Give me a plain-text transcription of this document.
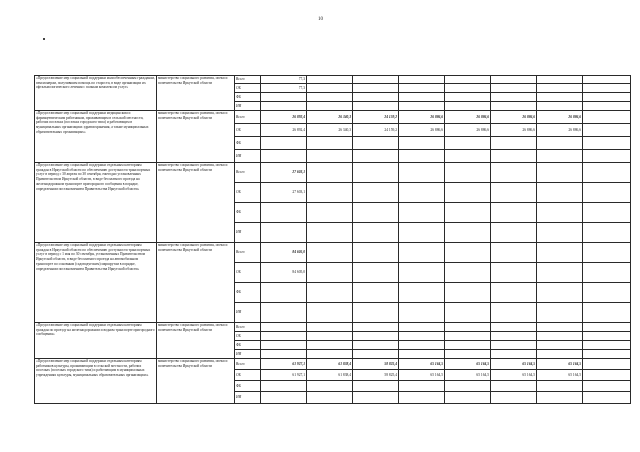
10
«Предоставление мер социальной поддержки малообеспеченным гражданам, пенсионерам, получившим помощь по старости, в виде организации их офтальмологического лечения с полным комплексом услуг»	министерство социального развития, опеки и попечительства Иркутской области	Всего	77,3							
		ОБ	77,3							
		ФБ								
		ИИ								
«Предоставление мер социальной поддержки медицинским и фармацевтическим работникам, проживающим в сельской местности, рабочих поселках (поселках городского типа) и работающим в муниципальных организациях здравоохранения, а также муниципальных образовательных организациях»	министерство социального развития, опеки и попечительства Иркутской области	Всего	26 892,4	26 340,3	24 159,2	26 886,6	26 886,6	26 886,6	26 886,6	
		ОБ	26 892,4	26 340,3	24 159,2	26 886,6	26 886,6	26 886,6	26 886,6	
		ФБ								
		ИИ								
«Предоставление мер социальной поддержки отдельным категориям граждан в Иркутской области по обеспечению доступности транспортных услуг в период с 30 апреля по 30 сентября, ежегодно установленных Правительством Иркутской области, в виде бесплатного проезда на железнодорожном транспорте пригородного сообщения в порядке, определенном постановлением Правительства Иркутской области»	министерство социального развития, опеки и попечительства Иркутской области	Всего	27 603,1							
		ОБ	27 603,1							
		ФБ								
		ИИ								
«Предоставление мер социальной поддержки отдельным категориям граждан в Иркутской области по обеспечению доступности транспортных услуг в период с 1 мая по 30 сентября, установленных Правительством Иркутской области, в виде бесплатного проезда на автомобильном транспорте по основным (садоводческим) маршрутам в порядке, определенном постановлением Правительства Иркутской области»	министерство социального развития, опеки и попечительства Иркутской области	Всего	84 605,0							
		ОБ	84 605,0							
		ФБ								
		ИИ								
«Предоставление мер социальной поддержки отдельным категориям граждан по проезду на железнодорожном и водном транспорте пригородного сообщения»	министерство социального развития, опеки и попечительства Иркутской области	Всего								
		ОБ								
		ФБ								
		ИИ								
«Предоставление мер социальной поддержки отдельным категориям работников культуры, проживающим в сельской местности, рабочих поселках (поселках городского типа) и работающим в муниципальных учреждениях культуры, муниципальных образовательных организациях»	министерство социального развития, опеки и попечительства Иркутской области	Всего	61 927,1	61 838,4	58 825,4	65 164,5	65 164,5	65 164,5	65 164,5	
		ОБ	61 927,1	61 838,4	58 825,4	65 164,5	65 164,5	65 164,5	65 164,5	
		ФБ								
		ИИ								
